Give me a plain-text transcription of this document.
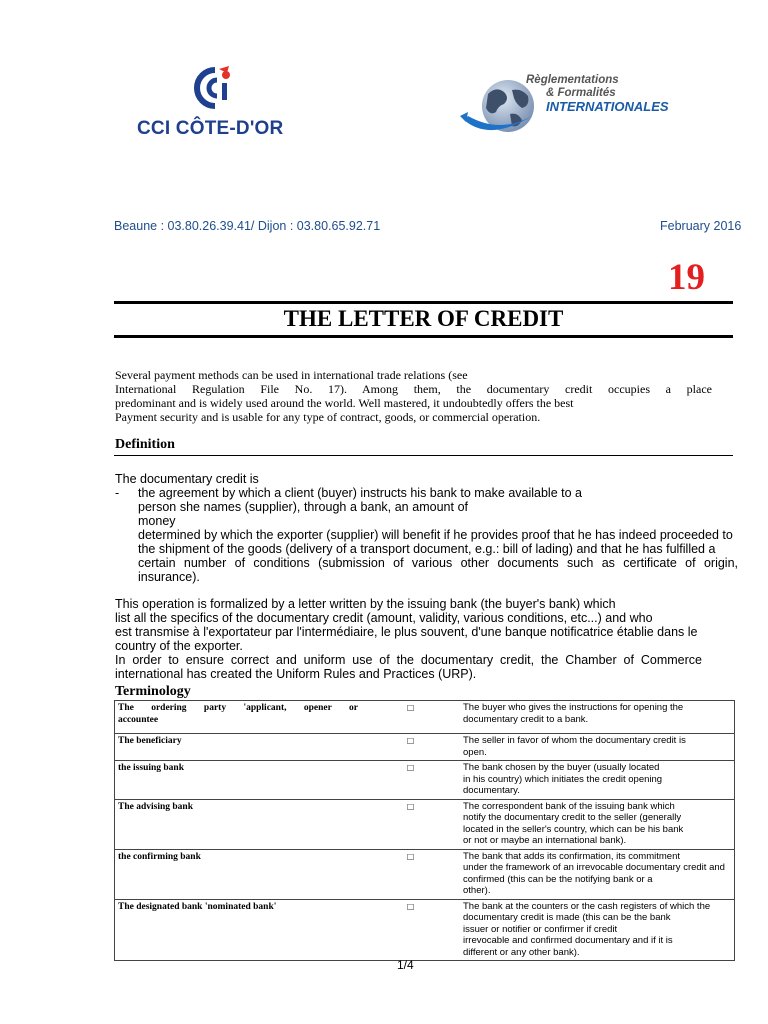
CCI CÔTE-D'OR
Règlementations
& Formalités
INTERNATIONALES
Beaune : 03.80.26.39.41/ Dijon : 03.80.65.92.71	February 2016
19
THE LETTER OF CREDIT

Several payment methods can be used in international trade relations (see

International Regulation File No. 17). Among them, the documentary credit occupies a place

predominant and is widely used around the world. Well mastered, it undoubtedly offers the best

Payment security and is usable for any type of contract, goods, or commercial operation.

Definition

The documentary credit is

- the agreement by which a client (buyer) instructs his bank to make available to a

person she names (supplier), through a bank, an amount of money

determined by which the exporter (supplier) will benefit if he provides proof that he has indeed proceeded to

the shipment of the goods (delivery of a transport document, e.g.: bill of lading) and that he has fulfilled a

certain number of conditions (submission of various other documents such as certificate of origin,

insurance).

This operation is formalized by a letter written by the issuing bank (the buyer's bank) which

list all the specifics of the documentary credit (amount, validity, various conditions, etc...) and who

est transmise à l'exportateur par l'intermédiaire, le plus souvent, d'une banque notificatrice établie dans le

country of the exporter.

In order to ensure correct and uniform use of the documentary credit, the Chamber of Commerce

international has created the Uniform Rules and Practices (URP).

Terminology
The ordering party 'applicant, opener or
accountee	□	The buyer who gives the instructions for opening the
documentary credit to a bank.

The beneficiary	□	The seller in favor of whom the documentary credit is
open.

the issuing bank	□	The bank chosen by the buyer (usually located
in his country) which initiates the credit opening
documentary.

The advising bank	□	The correspondent bank of the issuing bank which
notify the documentary credit to the seller (generally
located in the seller's country, which can be his bank
or not or maybe an international bank).

the confirming bank	□	The bank that adds its confirmation, its commitment
under the framework of an irrevocable documentary credit and
confirmed (this can be the notifying bank or a
other).

The designated bank 'nominated bank'	□	The bank at the counters or the cash registers of which the
documentary credit is made (this can be the bank
issuer or notifier or confirmer if credit
irrevocable and confirmed documentary and if it is
different or any other bank).
1/4
